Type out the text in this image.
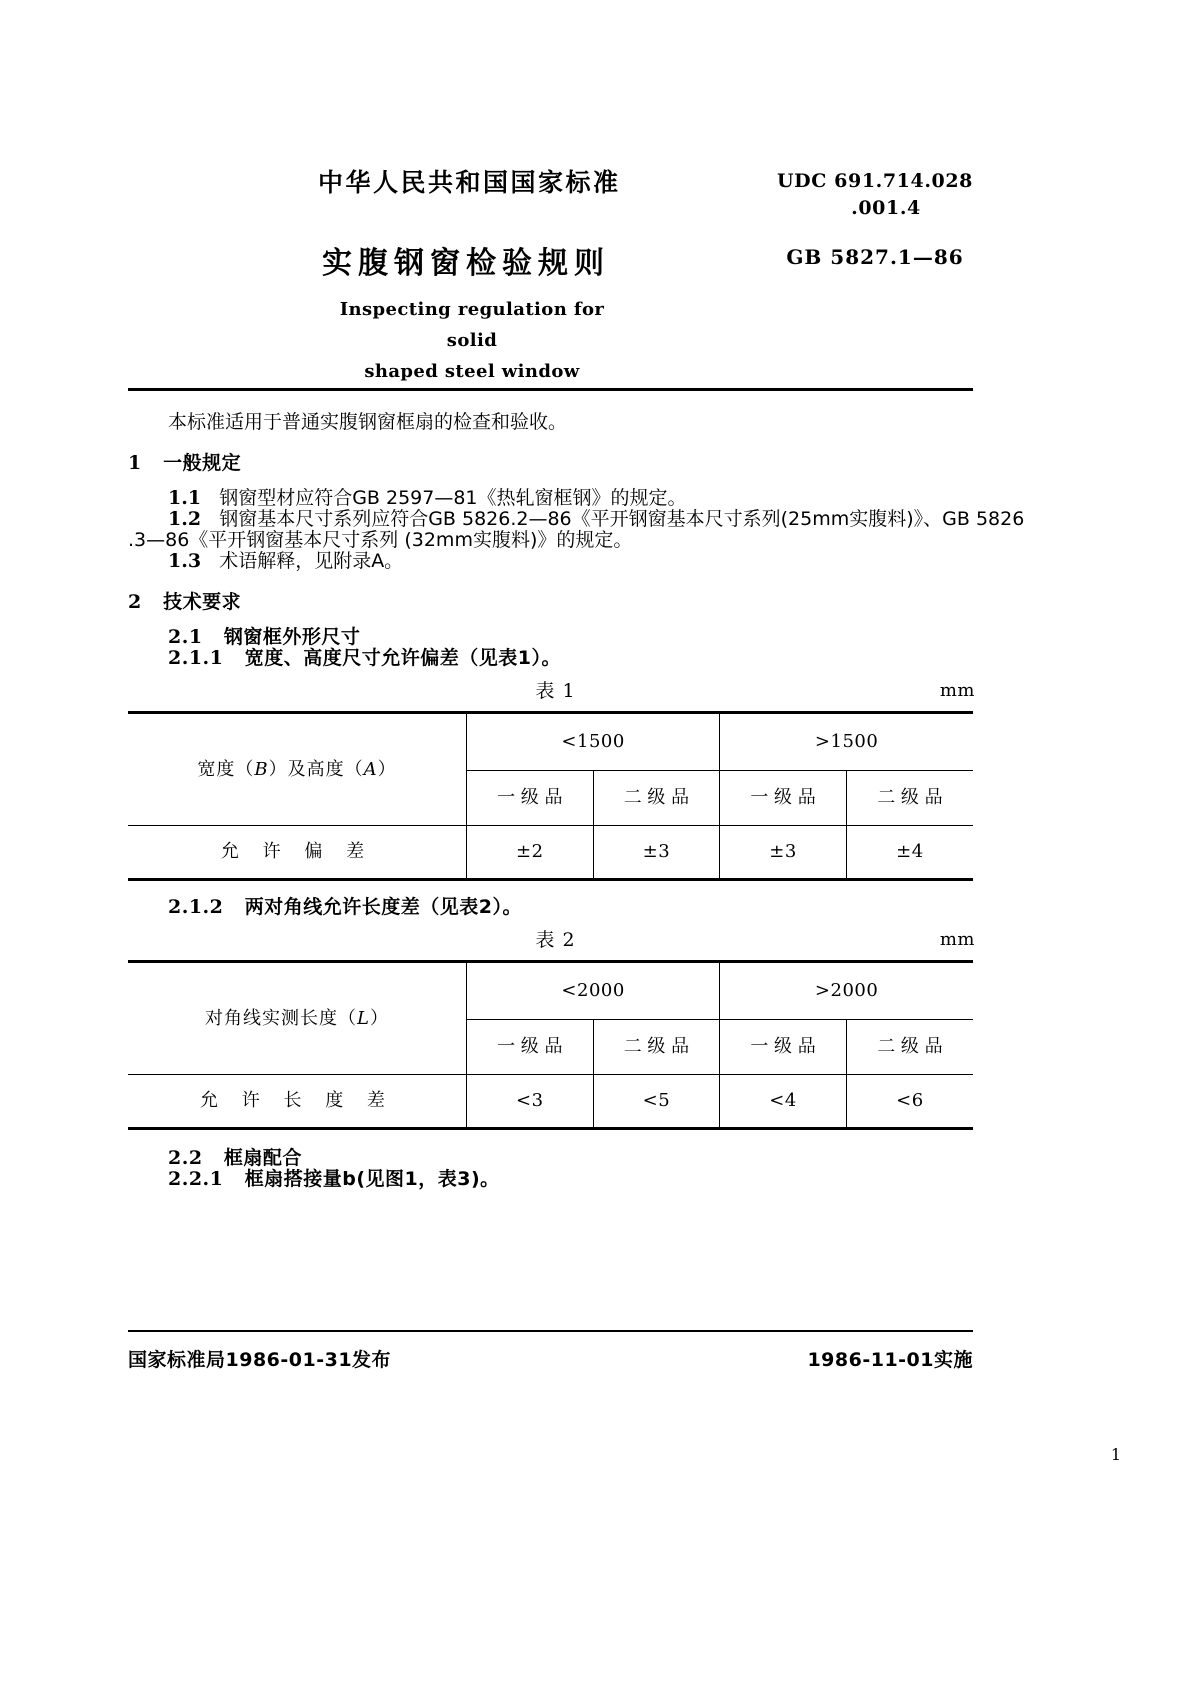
中华人民共和国国家标准
实腹钢窗检验规则
Inspecting regulation for solid
shaped steel window
UDC 691.714.028
.001.4
GB 5827.1—86
本标准适用于普通实腹钢窗框扇的检查和验收。
1 一般规定
1.1 钢窗型材应符合GB 2597—81《热轧窗框钢》的规定。
1.2 钢窗基本尺寸系列应符合GB 5826.2—86《平开钢窗基本尺寸系列(25mm实腹料)》、GB 5826
.3—86《平开钢窗基本尺寸系列 (32mm实腹料)》的规定。
1.3 术语解释，见附录A。
2 技术要求
2.1 钢窗框外形尺寸
2.1.1 宽度、高度尺寸允许偏差（见表1）。
表 1	mm
宽度（B）及高度（A）	<1500		>1500	
	一 级 品	二 级 品	一 级 品	二 级 品
允 许 偏 差	±2	±3	±3	±4
2.1.2 两对角线允许长度差（见表2）。
表 2	mm
对角线实测长度（L）	<2000		>2000	
	一 级 品	二 级 品	一 级 品	二 级 品
允 许 长 度 差	<3	<5	<4	<6
2.2 框扇配合
2.2.1 框扇搭接量b(见图1，表3)。
国家标准局1986-01-31发布	1986-11-01实施
1
